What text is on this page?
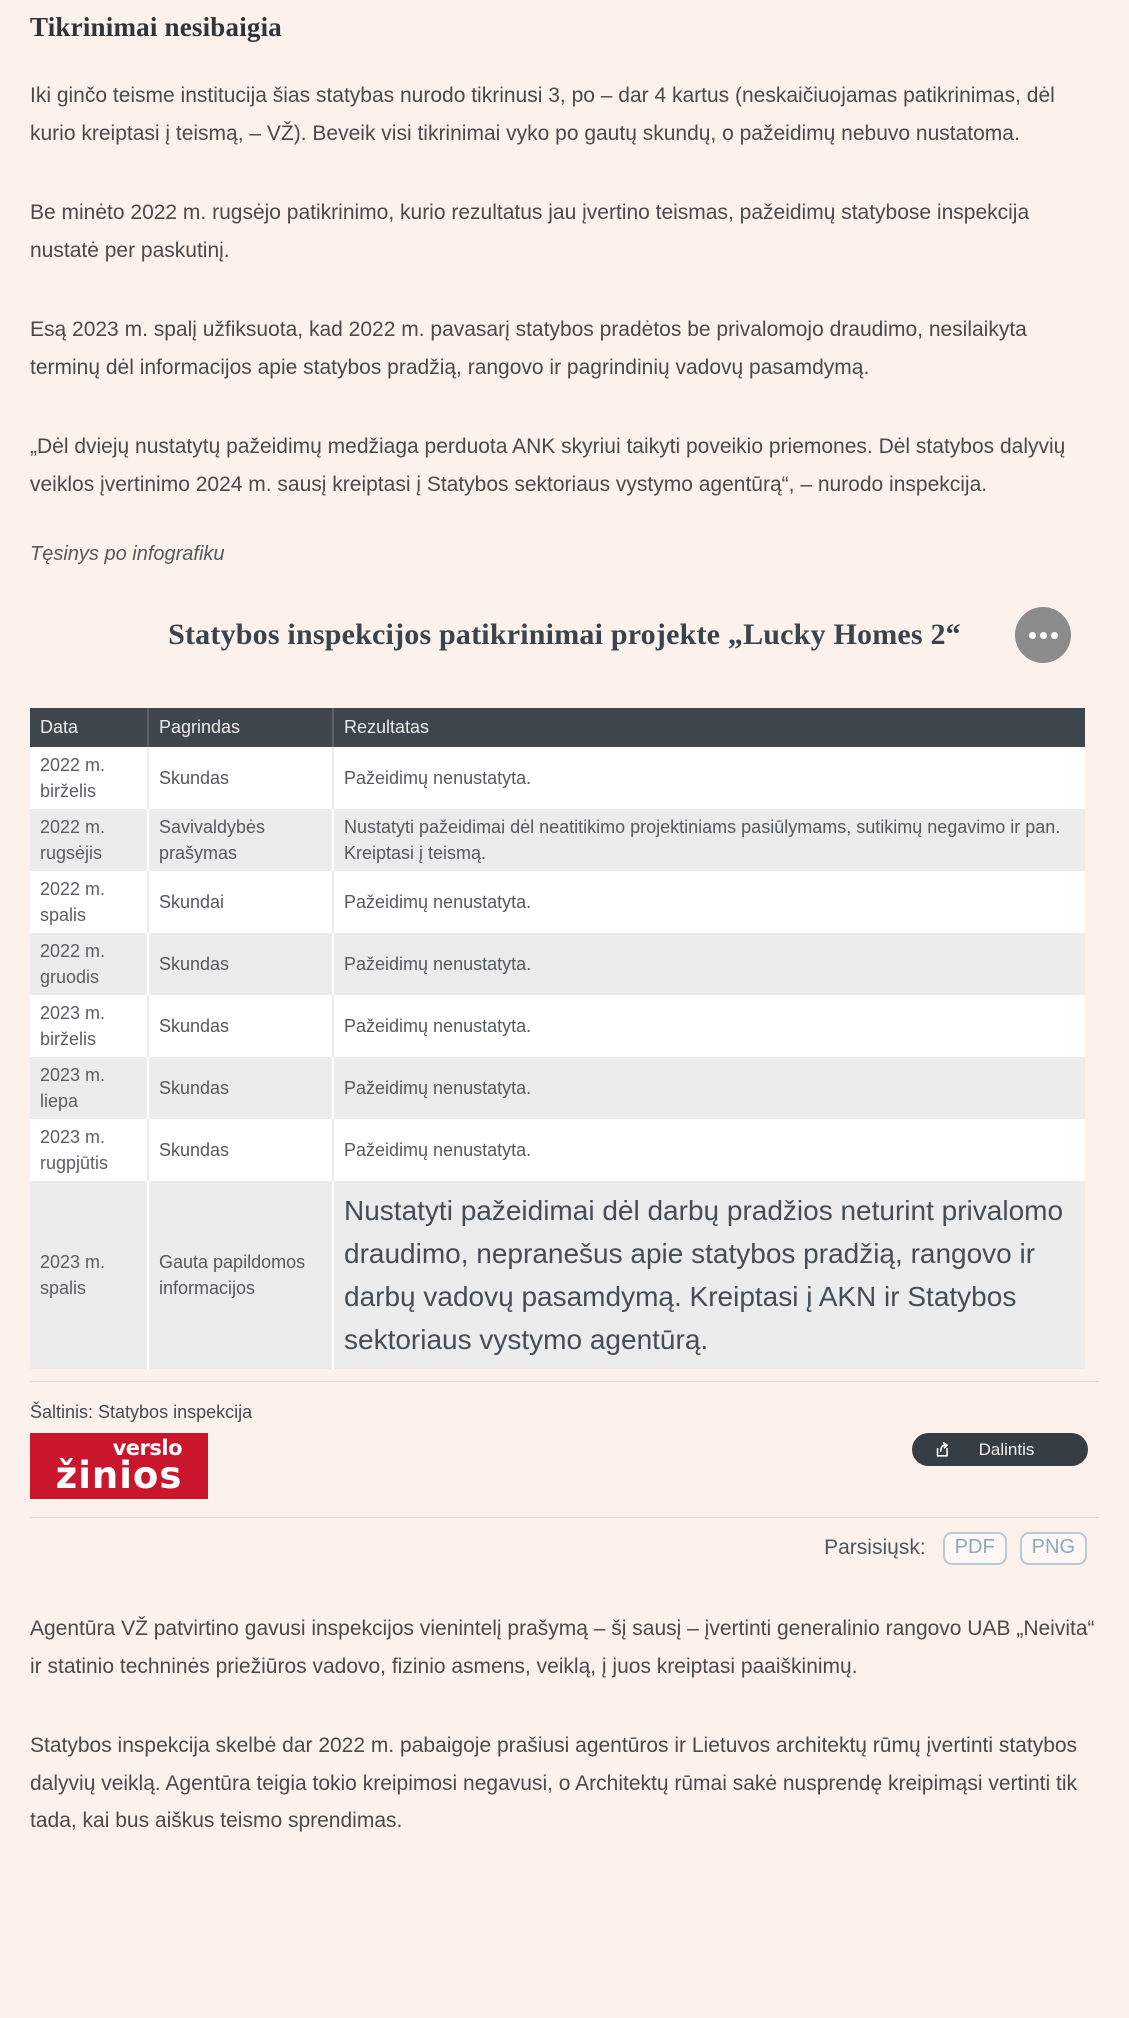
Tikrinimai nesibaigia

Iki ginčo teisme institucija šias statybas nurodo tikrinusi 3, po – dar 4 kartus (neskaičiuojamas patikrinimas, dėl kurio kreiptasi į teismą, – VŽ). Beveik visi tikrinimai vyko po gautų skundų, o pažeidimų nebuvo nustatoma.

Be minėto 2022 m. rugsėjo patikrinimo, kurio rezultatus jau įvertino teismas, pažeidimų statybose inspekcija nustatė per paskutinį.

Esą 2023 m. spalį užfiksuota, kad 2022 m. pavasarį statybos pradėtos be privalomojo draudimo, nesilaikyta terminų dėl informacijos apie statybos pradžią, rangovo ir pagrindinių vadovų pasamdymą.

„Dėl dviejų nustatytų pažeidimų medžiaga perduota ANK skyriui taikyti poveikio priemones. Dėl statybos dalyvių veiklos įvertinimo 2024 m. sausį kreiptasi į Statybos sektoriaus vystymo agentūrą“, – nurodo inspekcija.

Tęsinys po infografiku

Statybos inspekcijos patikrinimai projekte „Lucky Homes 2“
Data	Pagrindas	Rezultatas
2022 m. birželis	Skundas	Pažeidimų nenustatyta.
2022 m. rugsėjis	Savivaldybės prašymas	Nustatyti pažeidimai dėl neatitikimo projektiniams pasiūlymams, sutikimų negavimo ir pan. Kreiptasi į teismą.
2022 m. spalis	Skundai	Pažeidimų nenustatyta.
2022 m. gruodis	Skundas	Pažeidimų nenustatyta.
2023 m. birželis	Skundas	Pažeidimų nenustatyta.
2023 m. liepa	Skundas	Pažeidimų nenustatyta.
2023 m. rugpjūtis	Skundas	Pažeidimų nenustatyta.
2023 m. spalis	Gauta papildomos informacijos	Nustatyti pažeidimai dėl darbų pradžios neturint privalomo draudimo, nepranešus apie statybos pradžią, rangovo ir darbų vadovų pasamdymą. Kreiptasi į AKN ir Statybos sektoriaus vystymo agentūrą.
Šaltinis: Statybos inspekcija
verslo
žinios
Dalintis
Parsisiųsk:	PDF	PNG

Agentūra VŽ patvirtino gavusi inspekcijos vienintelį prašymą – šį sausį – įvertinti generalinio rangovo UAB „Neivita“ ir statinio techninės priežiūros vadovo, fizinio asmens, veiklą, į juos kreiptasi paaiškinimų.

Statybos inspekcija skelbė dar 2022 m. pabaigoje prašiusi agentūros ir Lietuvos architektų rūmų įvertinti statybos dalyvių veiklą. Agentūra teigia tokio kreipimosi negavusi, o Architektų rūmai sakė nusprendę kreipimąsi vertinti tik tada, kai bus aiškus teismo sprendimas.
